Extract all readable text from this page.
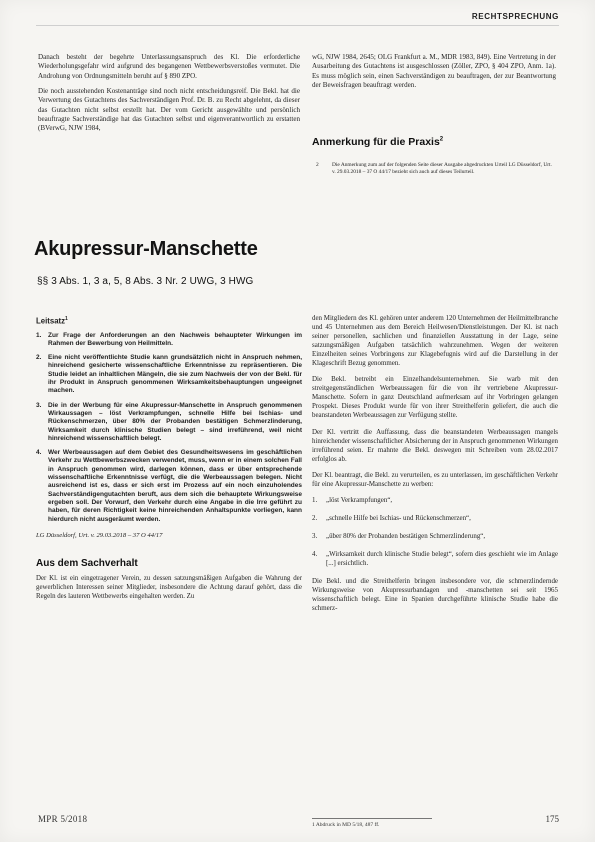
RECHTSPRECHUNG

Danach besteht der begehrte Unterlassungsanspruch des Kl. Die erforderliche Wiederholungsgefahr wird aufgrund des begangenen Wettbewerbsverstoßes vermutet. Die Androhung von Ordnungsmitteln beruht auf § 890 ZPO.

Die noch ausstehenden Kostenanträge sind noch nicht entscheidungsreif. Die Bekl. hat die Verwertung des Gutachtens des Sachverständigen Prof. Dr. B. zu Recht abgelehnt, da dieser das Gutachten nicht selbst erstellt hat. Der vom Gericht ausgewählte und persönlich beauftragte Sachverständige hat das Gutachten selbst und eigenverantwortlich zu erstatten (BVerwG, NJW 1984,

wG, NJW 1984, 2645; OLG Frankfurt a. M., MDR 1983, 849). Eine Vertretung in der Ausarbeitung des Gutachtens ist ausgeschlossen (Zöller, ZPO, § 404 ZPO, Anm. 1a). Es muss möglich sein, einen Sachverständigen zu beauftragen, der zur Beantwortung der Beweisfragen beauftragt werden.

Anmerkung für die Praxis$^2$
2 Die Anmerkung zum auf der folgenden Seite dieser Ausgabe abgedruckten Urteil LG Düsseldorf, Urt. v. 29.03.2018 – 37 O 44/17 bezieht sich auch auf dieses Teilurteil.
Akupressur-Manschette
§§ 3 Abs. 1, 3 a, 5, 8 Abs. 3 Nr. 2 UWG, 3 HWG
Leitsatz$^1$
1. Zur Frage der Anforderungen an den Nachweis behaupteter Wirkungen im Rahmen der Bewerbung von Heilmitteln.
2. Eine nicht veröffentlichte Studie kann grundsätzlich nicht in Anspruch nehmen, hinreichend gesicherte wissenschaftliche Erkenntnisse zu repräsentieren. Die Studie leidet an inhaltlichen Mängeln, die sie zum Nachweis der von der Bekl. für ihr Produkt in Anspruch genommenen Wirksamkeitsbehauptungen ungeeignet machen.
3. Die in der Werbung für eine Akupressur-Manschette in Anspruch genommenen Wirkaussagen – löst Verkrampfungen, schnelle Hilfe bei Ischias- und Rückenschmerzen, über 80% der Probanden bestätigen Schmerzlinderung, Wirksamkeit durch klinische Studien belegt – sind irreführend, weil nicht hinreichend wissenschaftlich belegt.
4. Wer Werbeaussagen auf dem Gebiet des Gesundheitswesens im geschäftlichen Verkehr zu Wettbewerbszwecken verwendet, muss, wenn er in einem solchen Fall in Anspruch genommen wird, darlegen können, dass er über entsprechende wissenschaftliche Erkenntnisse verfügt, die die Werbeaussagen belegen. Nicht ausreichend ist es, dass er sich erst im Prozess auf ein noch einzuholendes Sachverständigengutachten beruft, aus dem sich die behauptete Wirkungsweise ergeben soll. Der Vorwurf, den Verkehr durch eine Angabe in die Irre geführt zu haben, für deren Richtigkeit keine hinreichenden Anhaltspunkte vorliegen, kann hierdurch nicht ausgeräumt werden.
LG Düsseldorf, Urt. v. 29.03.2018 – 37 O 44/17
Aus dem Sachverhalt

Der Kl. ist ein eingetragener Verein, zu dessen satzungsmäßigen Aufgaben die Wahrung der gewerblichen Interessen seiner Mitglieder, insbesondere die Achtung darauf gehört, dass die Regeln des lauteren Wettbewerbs eingehalten werden. Zu

den Mitgliedern des Kl. gehören unter anderem 120 Unternehmen der Heilmittelbranche und 45 Unternehmen aus dem Bereich Heilwesen/Dienstleistungen. Der Kl. ist nach seiner personellen, sachlichen und finanziellen Ausstattung in der Lage, seine satzungsmäßigen Aufgaben tatsächlich wahrzunehmen. Wegen der weiteren Einzelheiten seines Vorbringens zur Klagebefugnis wird auf die Darstellung in der Klageschrift Bezug genommen.

Die Bekl. betreibt ein Einzelhandelsunternehmen. Sie warb mit den streitgegenständlichen Werbeaussagen für die von ihr vertriebene Akupressur-Manschette. Sofern in ganz Deutschland aufmerksam auf ihr Vorbringen gelangen Prospekt. Dieses Produkt wurde für von ihrer Streithelferin geliefert, die auch die beanstandeten Werbeaussagen zur Verfügung stellte.

Der Kl. vertritt die Auffassung, dass die beanstandeten Werbeaussagen mangels hinreichender wissenschaftlicher Absicherung der in Anspruch genommenen Wirkungen irreführend seien. Er mahnte die Bekl. deswegen mit Schreiben vom 28.02.2017 erfolglos ab.

Der Kl. beantragt, die Bekl. zu verurteilen, es zu unterlassen, im geschäftlichen Verkehr für eine Akupressur-Manschette zu werben:

1. „löst Verkrampfungen“,
2. „schnelle Hilfe bei Ischias- und Rückenschmerzen“,
3. „über 80% der Probanden bestätigen Schmerzlinderung“,
4. „Wirksamkeit durch klinische Studie belegt“, sofern dies geschieht wie im Anlage [...] ersichtlich.

Die Bekl. und die Streithelferin bringen insbesondere vor, die schmerzlindernde Wirkungsweise von Akupressurbandagen und -manschetten sei seit 1965 wissenschaftlich belegt. Eine in Spanien durchgeführte klinische Studie habe die schmerz-

1 Abdruck in MD 5/18, 487 ff.
MPR 5/2018	175
